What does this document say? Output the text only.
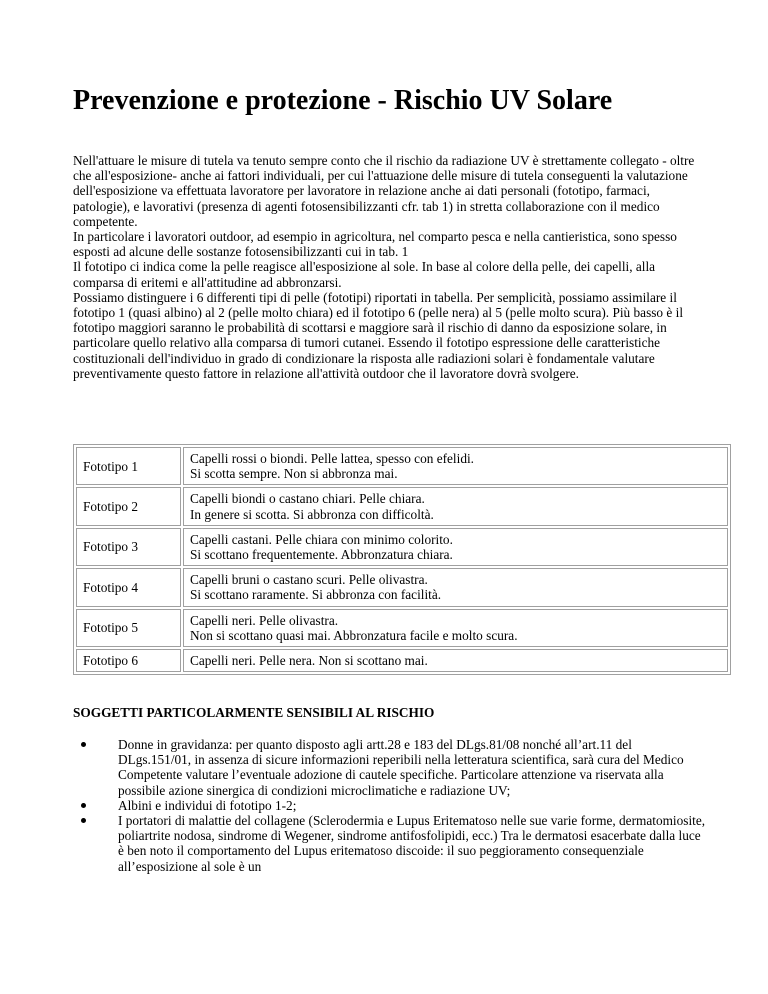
Prevenzione e protezione - Rischio UV Solare

Nell'attuare le misure di tutela va tenuto sempre conto che il rischio da radiazione UV è strettamente collegato - oltre che all'esposizione- anche ai fattori individuali, per cui l'attuazione delle misure di tutela conseguenti la valutazione dell'esposizione va effettuata lavoratore per lavoratore in relazione anche ai dati personali (fototipo, farmaci, patologie), e lavorativi (presenza di agenti fotosensibilizzanti cfr. tab 1) in stretta collaborazione con il medico competente.

In particolare i lavoratori outdoor, ad esempio in agricoltura, nel comparto pesca e nella cantieristica, sono spesso esposti ad alcune delle sostanze fotosensibilizzanti cui in tab. 1

Il fototipo ci indica come la pelle reagisce all'esposizione al sole. In base al colore della pelle, dei capelli, alla comparsa di eritemi e all'attitudine ad abbronzarsi.

Possiamo distinguere i 6 differenti tipi di pelle (fototipi) riportati in tabella. Per semplicità, possiamo assimilare il fototipo 1 (quasi albino) al 2 (pelle molto chiara) ed il fototipo 6 (pelle nera) al 5 (pelle molto scura). Più basso è il fototipo maggiori saranno le probabilità di scottarsi e maggiore sarà il rischio di danno da esposizione solare, in particolare quello relativo alla comparsa di tumori cutanei. Essendo il fototipo espressione delle caratteristiche costituzionali dell'individuo in grado di condizionare la risposta alle radiazioni solari è fondamentale valutare preventivamente questo fattore in relazione all'attività outdoor che il lavoratore dovrà svolgere.

Fototipo 1	Capelli rossi o biondi. Pelle lattea, spesso con efelidi.
Si scotta sempre. Non si abbronza mai.
Fototipo 2	Capelli biondi o castano chiari. Pelle chiara.
In genere si scotta. Si abbronza con difficoltà.
Fototipo 3	Capelli castani. Pelle chiara con minimo colorito.
Si scottano frequentemente. Abbronzatura chiara.
Fototipo 4	Capelli bruni o castano scuri. Pelle olivastra.
Si scottano raramente. Si abbronza con facilità.
Fototipo 5	Capelli neri. Pelle olivastra.
Non si scottano quasi mai. Abbronzatura facile e molto scura.
Fototipo 6	Capelli neri. Pelle nera. Non si scottano mai.
SOGGETTI PARTICOLARMENTE SENSIBILI AL RISCHIO
Donne in gravidanza: per quanto disposto agli artt.28 e 183 del DLgs.81/08 nonché all’art.11 del DLgs.151/01, in assenza di sicure informazioni reperibili nella letteratura scientifica, sarà cura del Medico Competente valutare l’eventuale adozione di cautele specifiche. Particolare attenzione va riservata alla possibile azione sinergica di condizioni microclimatiche e radiazione UV;
Albini e individui di fototipo 1-2;
I portatori di malattie del collagene (Sclerodermia e Lupus Eritematoso nelle sue varie forme, dermatomiosite, poliartrite nodosa, sindrome di Wegener, sindrome antifosfolipidi, ecc.) Tra le dermatosi esacerbate dalla luce è ben noto il comportamento del Lupus eritematoso discoide: il suo peggioramento consequenziale all’esposizione al sole è un
